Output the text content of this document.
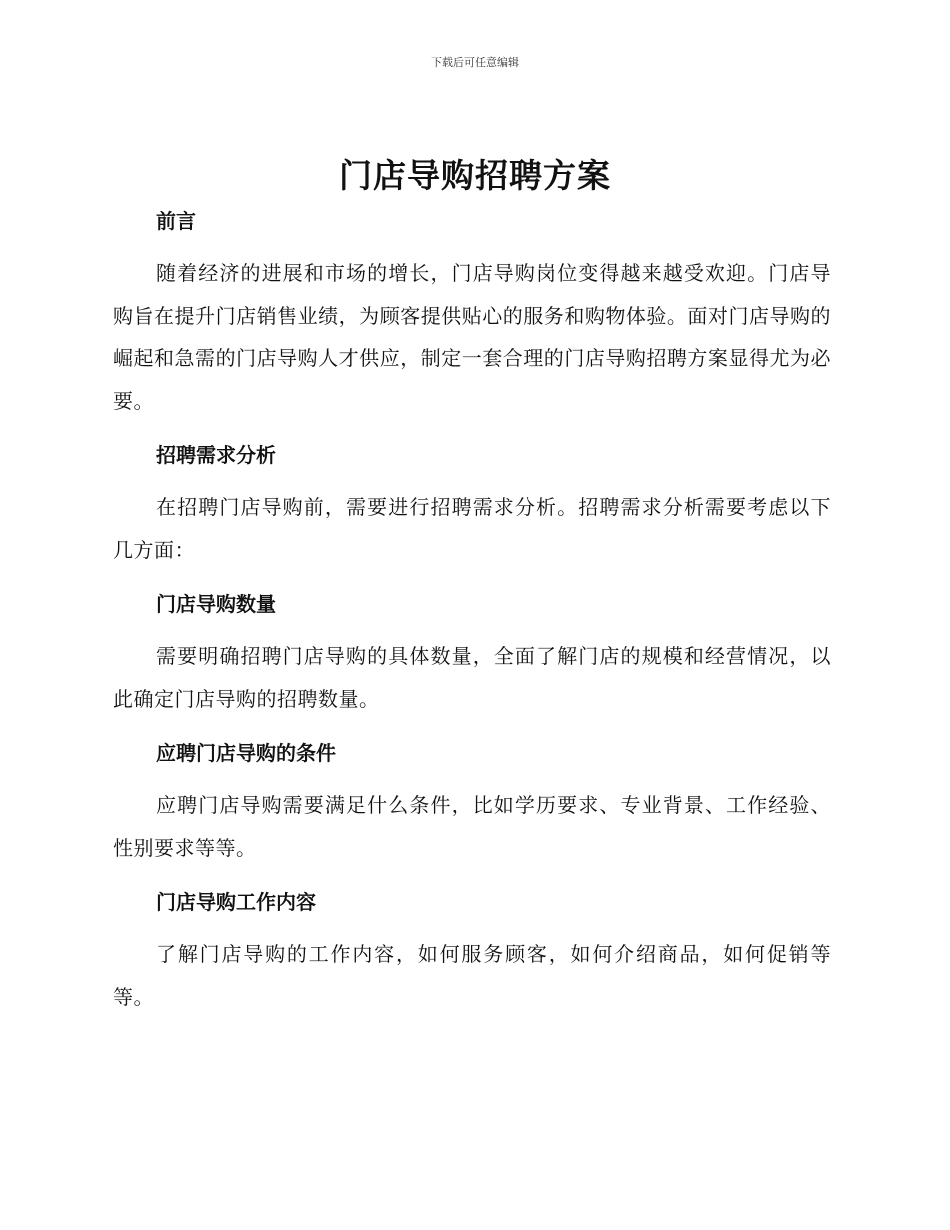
下载后可任意编辑
门店导购招聘方案

前言

随着经济的进展和市场的增长，门店导购岗位变得越来越受欢迎。门店导购旨在提升门店销售业绩，为顾客提供贴心的服务和购物体验。面对门店导购的崛起和急需的门店导购人才供应，制定一套合理的门店导购招聘方案显得尤为必要。

招聘需求分析

在招聘门店导购前，需要进行招聘需求分析。招聘需求分析需要考虑以下几方面：

门店导购数量

需要明确招聘门店导购的具体数量，全面了解门店的规模和经营情况，以此确定门店导购的招聘数量。

应聘门店导购的条件

应聘门店导购需要满足什么条件，比如学历要求、专业背景、工作经验、性别要求等等。

门店导购工作内容

了解门店导购的工作内容，如何服务顾客，如何介绍商品，如何促销等等。
